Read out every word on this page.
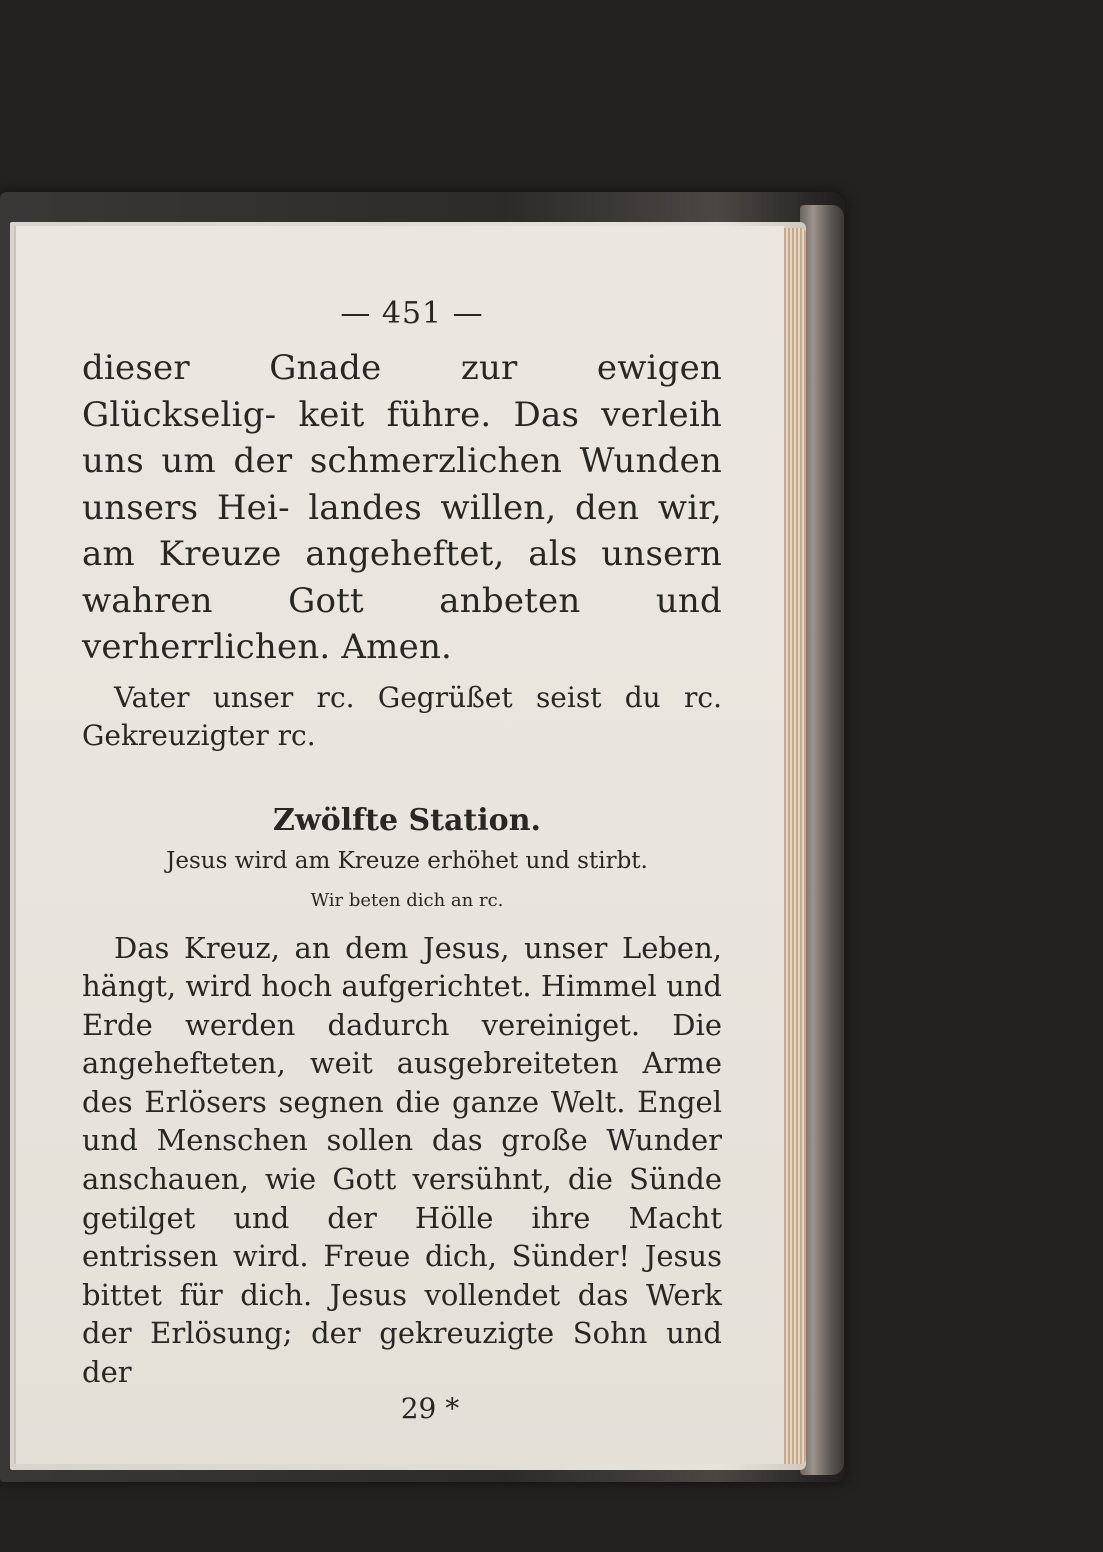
— 451 —

dieser Gnade zur ewigen Glückselig- keit führe. Das verleih uns um der schmerzlichen Wunden unsers Hei- landes willen, den wir, am Kreuze angeheftet, als unsern wahren Gott anbeten und verherrlichen. Amen.

Vater unser rc. Gegrüßet seist du rc. Gekreuzigter rc.

Zwölfte Station.
Jesus wird am Kreuze erhöhet und stirbt.
Wir beten dich an rc.

Das Kreuz, an dem Jesus, unser Leben, hängt, wird hoch aufgerichtet. Himmel und Erde werden dadurch vereiniget. Die angehefteten, weit ausgebreiteten Arme des Erlösers segnen die ganze Welt. Engel und Menschen sollen das große Wunder anschauen, wie Gott versühnt, die Sünde getilget und der Hölle ihre Macht entrissen wird. Freue dich, Sünder! Jesus bittet für dich. Jesus vollendet das Werk der Erlösung; der gekreuzigte Sohn und der

29 *
